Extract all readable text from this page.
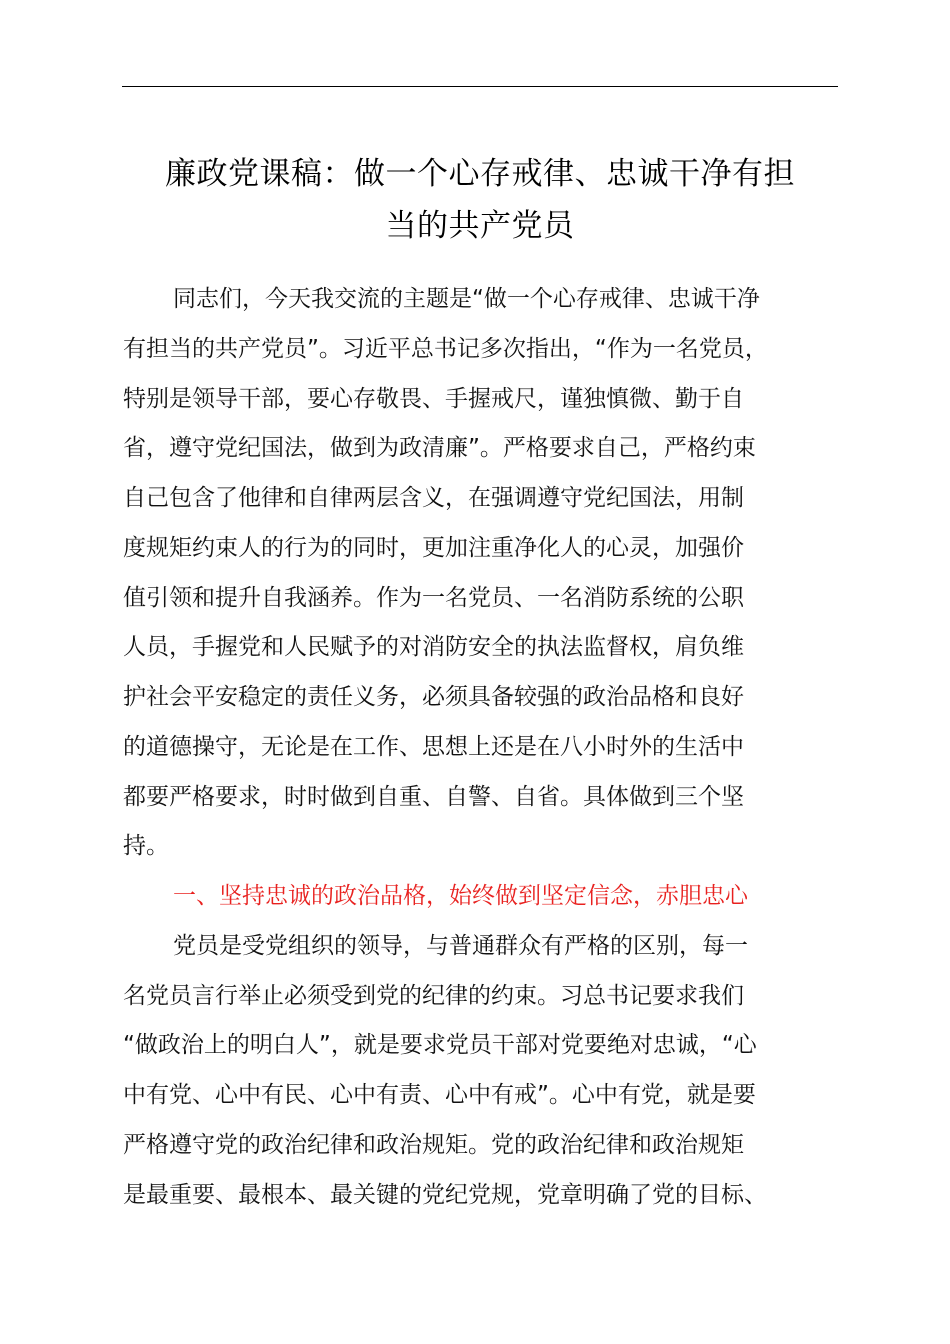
廉政党课稿：做一个心存戒律、忠诚干净有担
当的共产党员
同志们，今天我交流的主题是“做一个心存戒律、忠诚干净
有担当的共产党员”。习近平总书记多次指出，“作为一名党员，
特别是领导干部，要心存敬畏、手握戒尺，谨独慎微、勤于自
省，遵守党纪国法，做到为政清廉”。严格要求自己，严格约束
自己包含了他律和自律两层含义，在强调遵守党纪国法，用制
度规矩约束人的行为的同时，更加注重净化人的心灵，加强价
值引领和提升自我涵养。作为一名党员、一名消防系统的公职
人员，手握党和人民赋予的对消防安全的执法监督权，肩负维
护社会平安稳定的责任义务，必须具备较强的政治品格和良好
的道德操守，无论是在工作、思想上还是在八小时外的生活中
都要严格要求，时时做到自重、自警、自省。具体做到三个坚
持。
一、坚持忠诚的政治品格，始终做到坚定信念，赤胆忠心
党员是受党组织的领导，与普通群众有严格的区别，每一
名党员言行举止必须受到党的纪律的约束。习总书记要求我们
“做政治上的明白人”，就是要求党员干部对党要绝对忠诚，“心
中有党、心中有民、心中有责、心中有戒”。心中有党，就是要
严格遵守党的政治纪律和政治规矩。党的政治纪律和政治规矩
是最重要、最根本、最关键的党纪党规，党章明确了党的目标、
